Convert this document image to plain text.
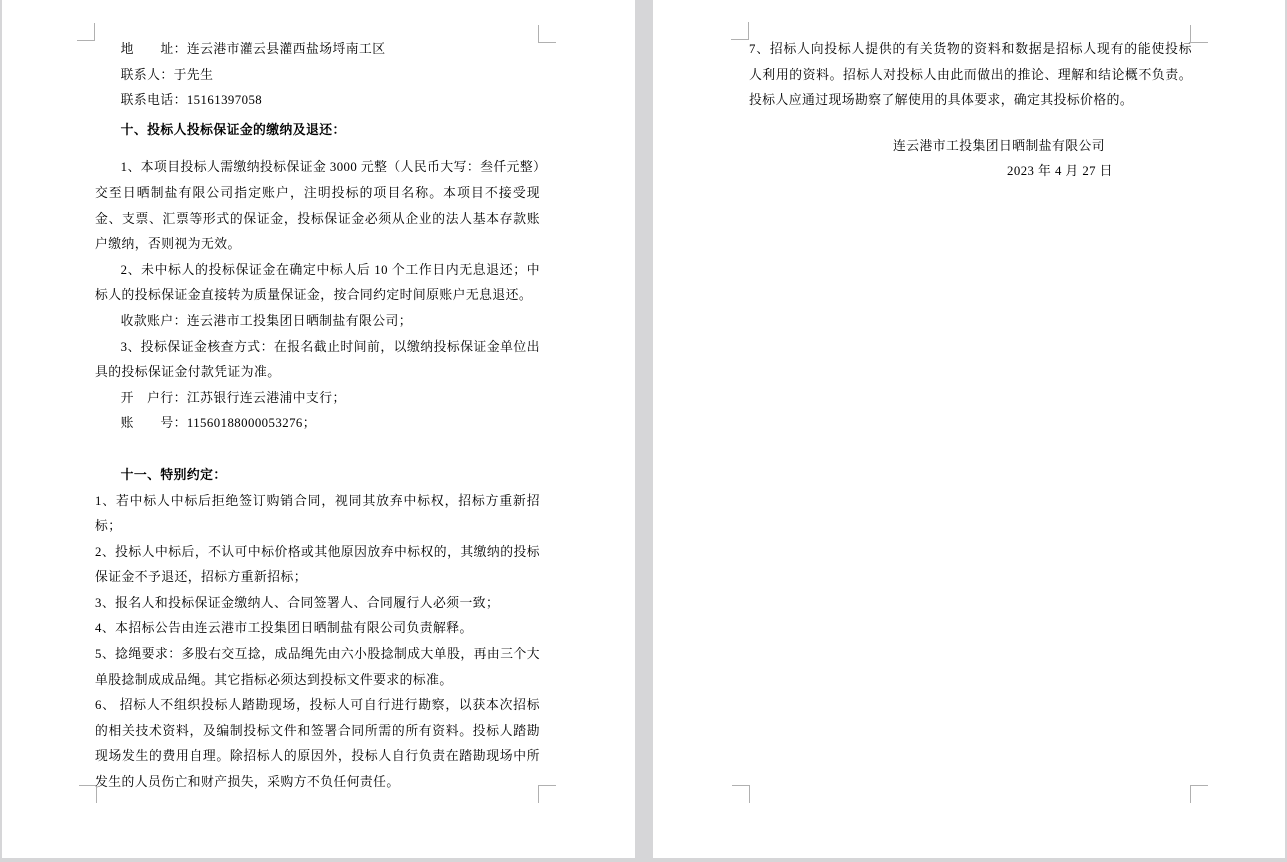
地　　址：连云港市灌云县灌西盐场埒南工区
联系人：于先生
联系电话：15161397058
十、投标人投标保证金的缴纳及退还：
1、本项目投标人需缴纳投标保证金 3000 元整（人民币大写：叁仟元整）交至日晒制盐有限公司指定账户，注明投标的项目名称。本项目不接受现金、支票、汇票等形式的保证金，投标保证金必须从企业的法人基本存款账户缴纳，否则视为无效。
2、未中标人的投标保证金在确定中标人后 10 个工作日内无息退还；中标人的投标保证金直接转为质量保证金，按合同约定时间原账户无息退还。
收款账户：连云港市工投集团日晒制盐有限公司；
3、投标保证金核查方式：在报名截止时间前，以缴纳投标保证金单位出具的投标保证金付款凭证为准。
开　户行：江苏银行连云港浦中支行；
账　　号：11560188000053276；
十一、特别约定：
1、若中标人中标后拒绝签订购销合同，视同其放弃中标权，招标方重新招标；
2、投标人中标后，不认可中标价格或其他原因放弃中标权的，其缴纳的投标保证金不予退还，招标方重新招标；
3、报名人和投标保证金缴纳人、合同签署人、合同履行人必须一致；
4、本招标公告由连云港市工投集团日晒制盐有限公司负责解释。
5、捻绳要求：多股右交互捻，成品绳先由六小股捻制成大单股，再由三个大单股捻制成成品绳。其它指标必须达到投标文件要求的标准。
6、 招标人不组织投标人踏勘现场，投标人可自行进行勘察，以获本次招标的相关技术资料，及编制投标文件和签署合同所需的所有资料。投标人踏勘现场发生的费用自理。除招标人的原因外，投标人自行负责在踏勘现场中所发生的人员伤亡和财产损失，采购方不负任何责任。
7、招标人向投标人提供的有关货物的资料和数据是招标人现有的能使投标人利用的资料。招标人对投标人由此而做出的推论、理解和结论概不负责。投标人应通过现场勘察了解使用的具体要求，确定其投标价格的。
连云港市工投集团日晒制盐有限公司
2023 年 4 月 27 日
